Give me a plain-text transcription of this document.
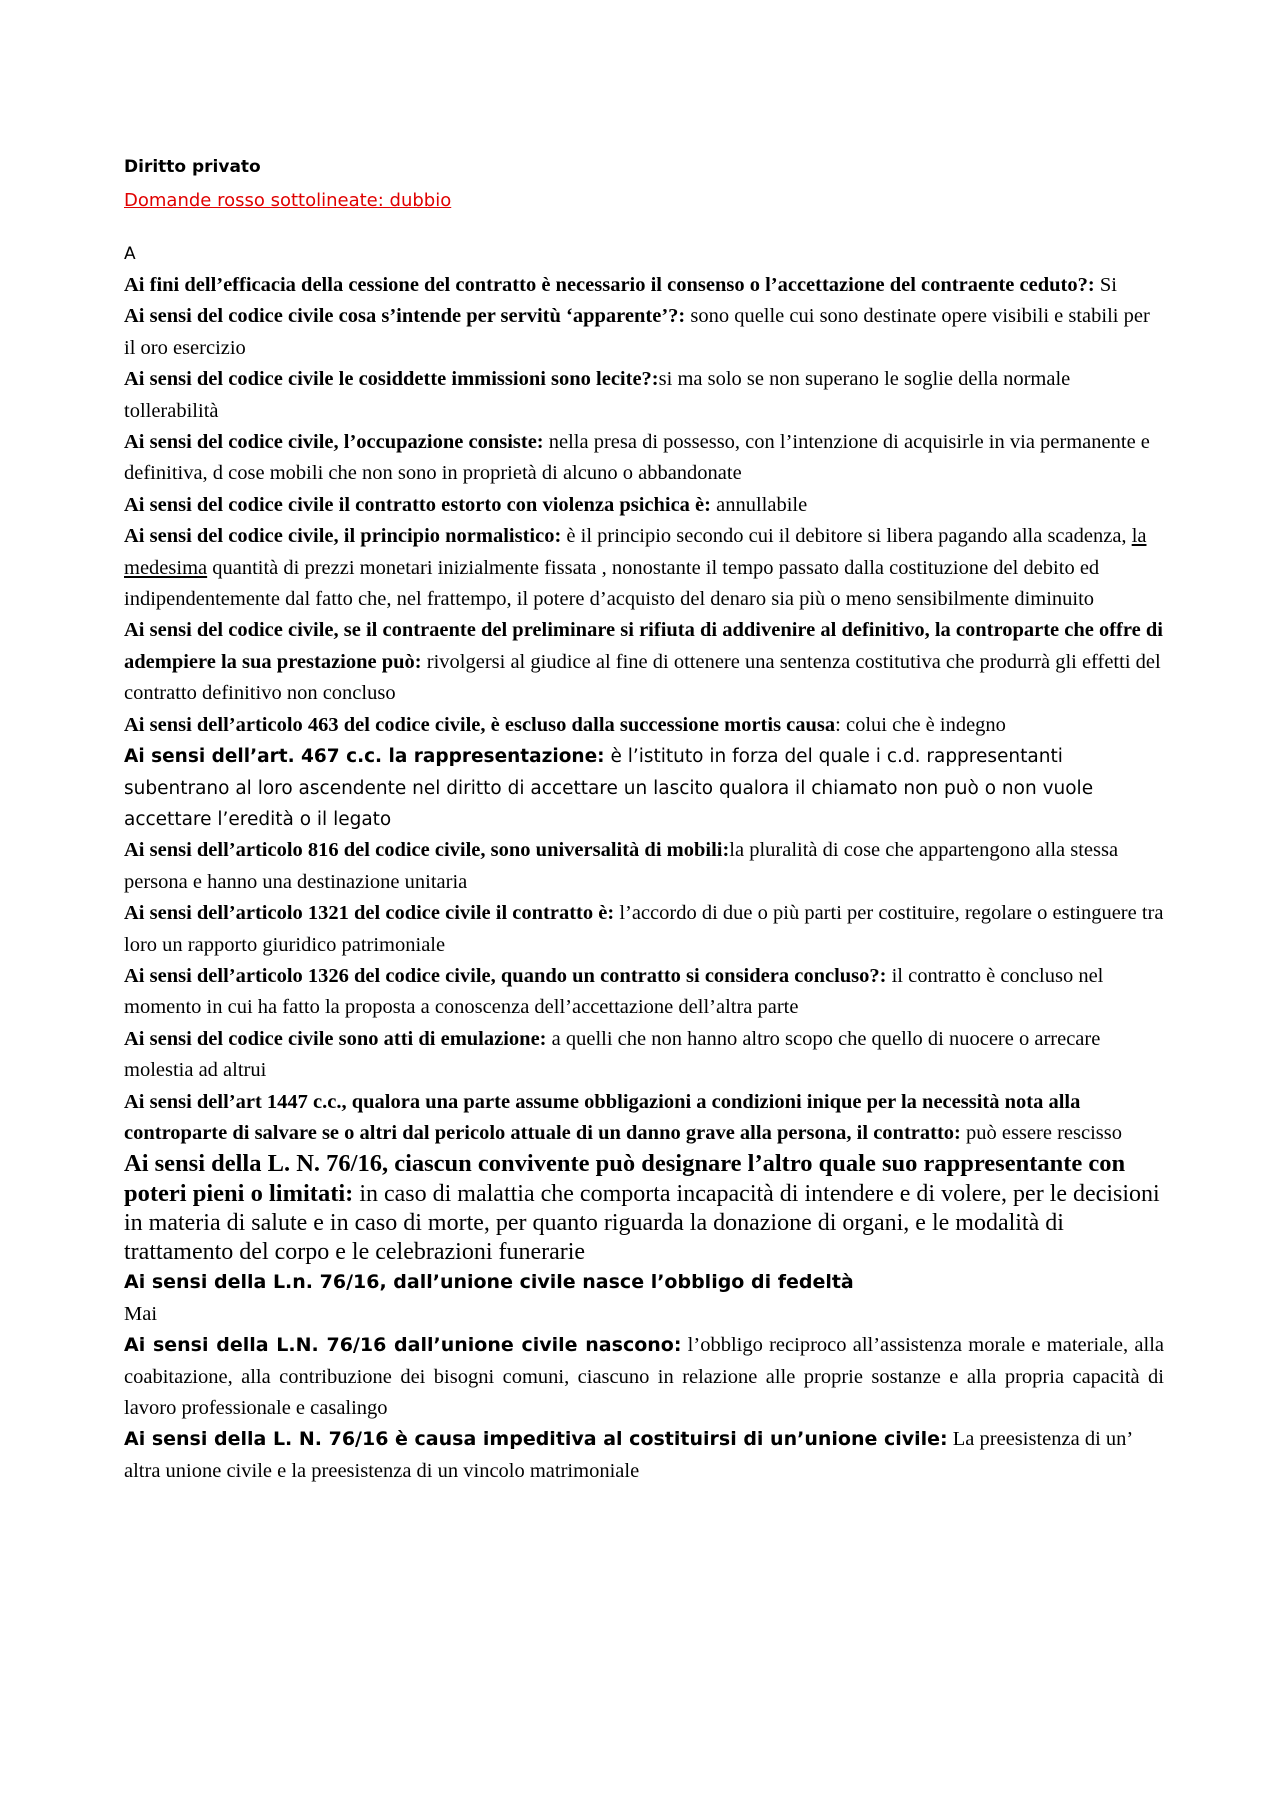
Diritto privato

Domande rosso sottolineate: dubbio

A

Ai fini dell’efficacia della cessione del contratto è necessario il consenso o l’accettazione del contraente ceduto?: Si

Ai sensi del codice civile cosa s’intende per servitù ‘apparente’?: sono quelle cui sono destinate opere visibili e stabili per il oro esercizio

Ai sensi del codice civile le cosiddette immissioni sono lecite?:si ma solo se non superano le soglie della normale tollerabilità

Ai sensi del codice civile, l’occupazione consiste: nella presa di possesso, con l’intenzione di acquisirle in via permanente e definitiva, d cose mobili che non sono in proprietà di alcuno o abbandonate

Ai sensi del codice civile il contratto estorto con violenza psichica è: annullabile

Ai sensi del codice civile, il principio normalistico: è il principio secondo cui il debitore si libera pagando alla scadenza, la medesima quantità di prezzi monetari inizialmente fissata , nonostante il tempo passato dalla costituzione del debito ed indipendentemente dal fatto che, nel frattempo, il potere d’acquisto del denaro sia più o meno sensibilmente diminuito

Ai sensi del codice civile, se il contraente del preliminare si rifiuta di addivenire al definitivo, la controparte che offre di adempiere la sua prestazione può: rivolgersi al giudice al fine di ottenere una sentenza costitutiva che produrrà gli effetti del contratto definitivo non concluso

Ai sensi dell’articolo 463 del codice civile, è escluso dalla successione mortis causa: colui che è indegno

Ai sensi dell’art. 467 c.c. la rappresentazione: è l’istituto in forza del quale i c.d. rappresentanti subentrano al loro ascendente nel diritto di accettare un lascito qualora il chiamato non può o non vuole accettare l’eredità o il legato

Ai sensi dell’articolo 816 del codice civile, sono universalità di mobili:la pluralità di cose che appartengono alla stessa persona e hanno una destinazione unitaria

Ai sensi dell’articolo 1321 del codice civile il contratto è: l’accordo di due o più parti per costituire, regolare o estinguere tra loro un rapporto giuridico patrimoniale

Ai sensi dell’articolo 1326 del codice civile, quando un contratto si considera concluso?: il contratto è concluso nel momento in cui ha fatto la proposta a conoscenza dell’accettazione dell’altra parte

Ai sensi del codice civile sono atti di emulazione: a quelli che non hanno altro scopo che quello di nuocere o arrecare molestia ad altrui

Ai sensi dell’art 1447 c.c., qualora una parte assume obbligazioni a condizioni inique per la necessità nota alla controparte di salvare se o altri dal pericolo attuale di un danno grave alla persona, il contratto: può essere rescisso

Ai sensi della L. N. 76/16, ciascun convivente può designare l’altro quale suo rappresentante con poteri pieni o limitati: in caso di malattia che comporta incapacità di intendere e di volere, per le decisioni in materia di salute e in caso di morte, per quanto riguarda la donazione di organi, e le modalità di trattamento del corpo e le celebrazioni funerarie

Ai sensi della L.n. 76/16, dall’unione civile nasce l’obbligo di fedeltà
Mai

Ai sensi della L.N. 76/16 dall’unione civile nascono: l’obbligo reciproco all’assistenza morale e materiale, alla coabitazione, alla contribuzione dei bisogni comuni, ciascuno in relazione alle proprie sostanze e alla propria capacità di lavoro professionale e casalingo

Ai sensi della L. N. 76/16 è causa impeditiva al costituirsi di un’unione civile: La preesistenza di un’ altra unione civile e la preesistenza di un vincolo matrimoniale
